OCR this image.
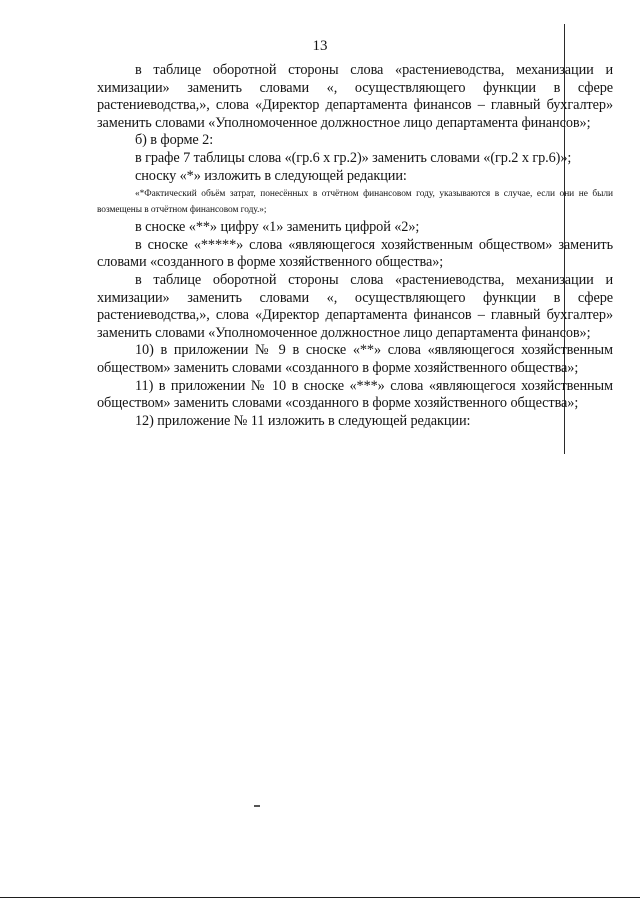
13

в таблице оборотной стороны слова «растениеводства, механизации и химизации» заменить словами «, осуществляющего функции в сфере растениеводства,», слова «Директор департамента финансов – главный бухгалтер» заменить словами «Уполномоченное должностное лицо департамента финансов»;

б) в форме 2:

в графе 7 таблицы слова «(гр.6 x гр.2)» заменить словами «(гр.2 x гр.6)»;

сноску «*» изложить в следующей редакции:

«*Фактический объём затрат, понесённых в отчётном финансовом году, указываются в случае, если они не были возмещены в отчётном финансовом году.»;

в сноске «**» цифру «1» заменить цифрой «2»;

в сноске «*****» слова «являющегося хозяйственным обществом» заменить словами «созданного в форме хозяйственного общества»;

в таблице оборотной стороны слова «растениеводства, механизации и химизации» заменить словами «, осуществляющего функции в сфере растениеводства,», слова «Директор департамента финансов – главный бухгалтер» заменить словами «Уполномоченное должностное лицо департамента финансов»;

10) в приложении № 9 в сноске «**» слова «являющегося хозяйственным обществом» заменить словами «созданного в форме хозяйственного общества»;

11) в приложении № 10 в сноске «***» слова «являющегося хозяйственным обществом» заменить словами «созданного в форме хозяйственного общества»;

12) приложение № 11 изложить в следующей редакции:
